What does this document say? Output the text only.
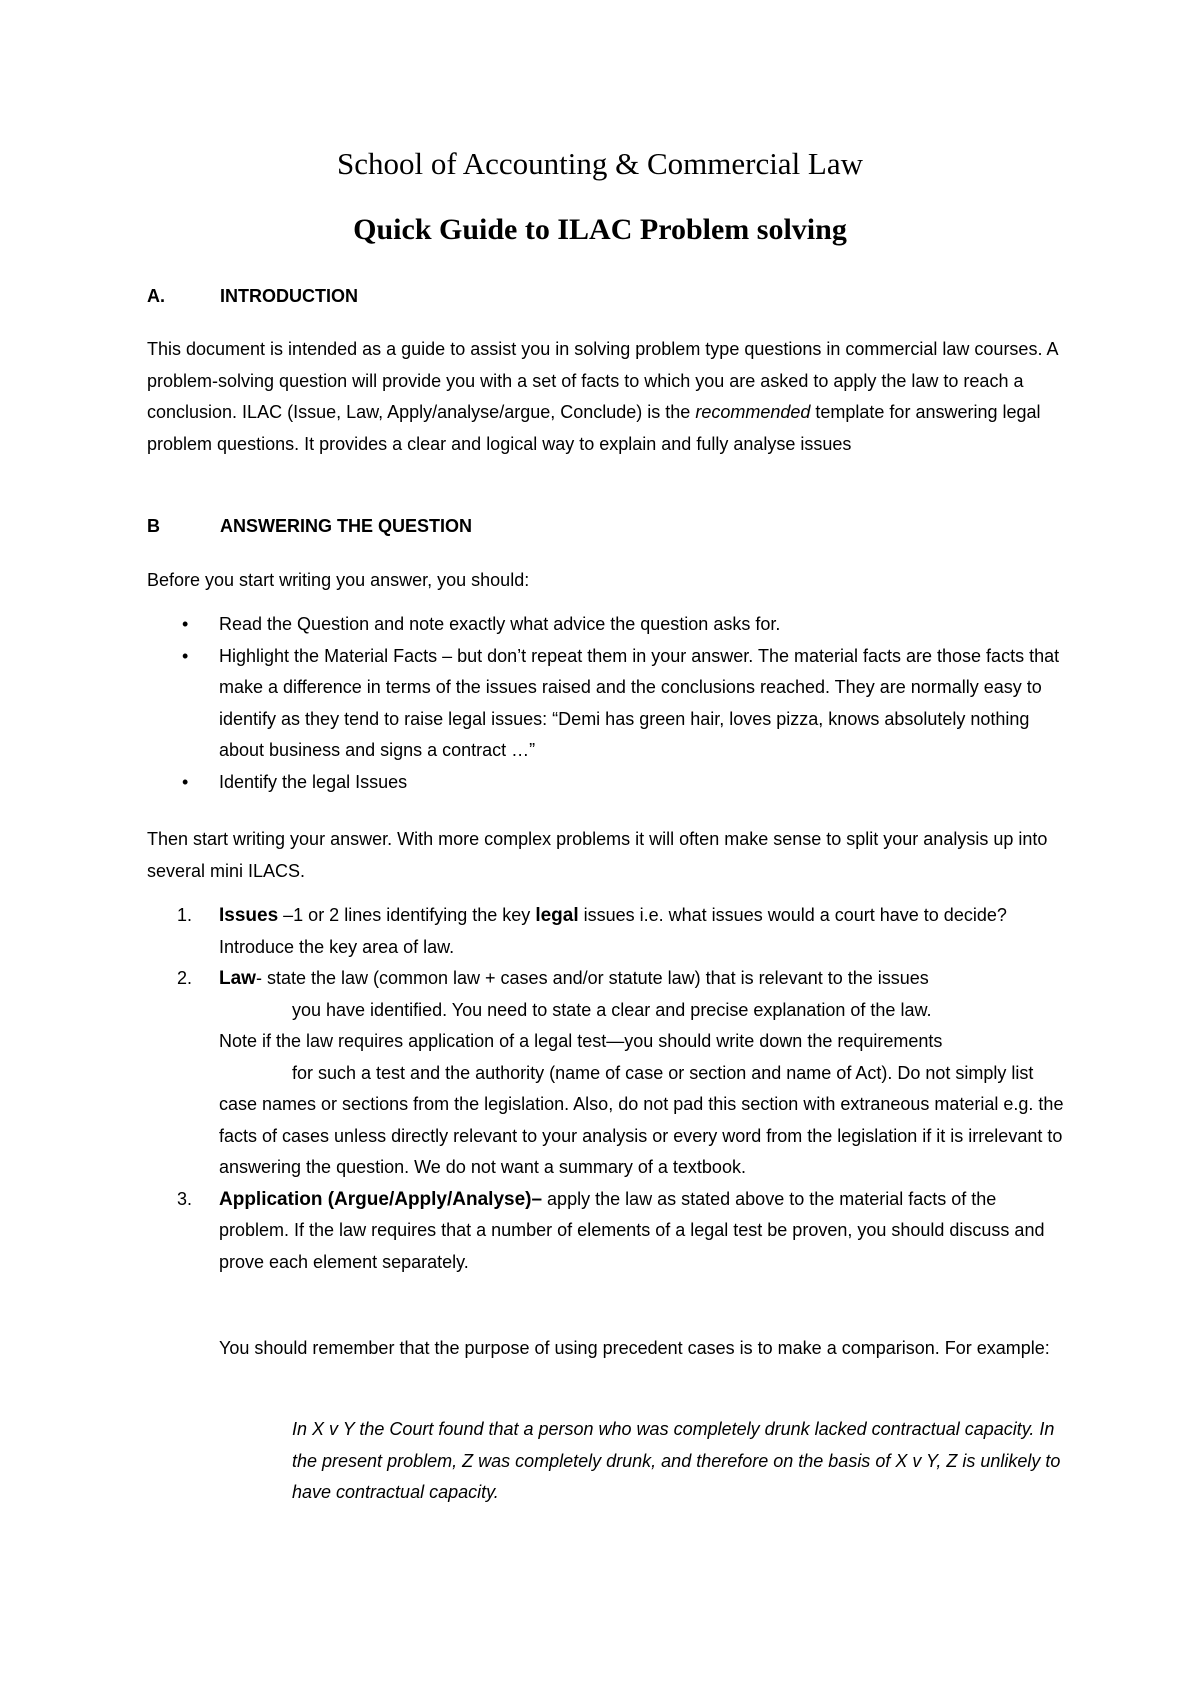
School of Accounting & Commercial Law
Quick Guide to ILAC Problem solving
A.	INTRODUCTION

This document is intended as a guide to assist you in solving problem type questions in commercial law courses. A problem-solving question will provide you with a set of facts to which you are asked to apply the law to reach a conclusion. ILAC (Issue, Law, Apply/analyse/argue, Conclude) is the recommended template for answering legal problem questions. It provides a clear and logical way to explain and fully analyse issues

B	ANSWERING THE QUESTION

Before you start writing you answer, you should:

• Read the Question and note exactly what advice the question asks for.
• Highlight the Material Facts – but don’t repeat them in your answer. The material facts are those facts that make a difference in terms of the issues raised and the conclusions reached. They are normally easy to identify as they tend to raise legal issues: “Demi has green hair, loves pizza, knows absolutely nothing about business and signs a contract …”
• Identify the legal Issues

Then start writing your answer. With more complex problems it will often make sense to split your analysis up into several mini ILACS.

1. Issues –1 or 2 lines identifying the key legal issues i.e. what issues would a court have to decide? Introduce the key area of law.
2. Law- state the law (common law + cases and/or statute law) that is relevant to the issues
you have identified. You need to state a clear and precise explanation of the law.
Note if the law requires application of a legal test—you should write down the requirements
for such a test and the authority (name of case or section and name of Act). Do not simply list case names or sections from the legislation. Also, do not pad this section with extraneous material e.g. the facts of cases unless directly relevant to your analysis or every word from the legislation if it is irrelevant to answering the question. We do not want a summary of a textbook.
3. Application (Argue/Apply/Analyse)– apply the law as stated above to the material facts of the problem. If the law requires that a number of elements of a legal test be proven, you should discuss and prove each element separately.

You should remember that the purpose of using precedent cases is to make a comparison. For example:

In X v Y the Court found that a person who was completely drunk lacked contractual capacity. In the present problem, Z was completely drunk, and therefore on the basis of X v Y, Z is unlikely to have contractual capacity.
